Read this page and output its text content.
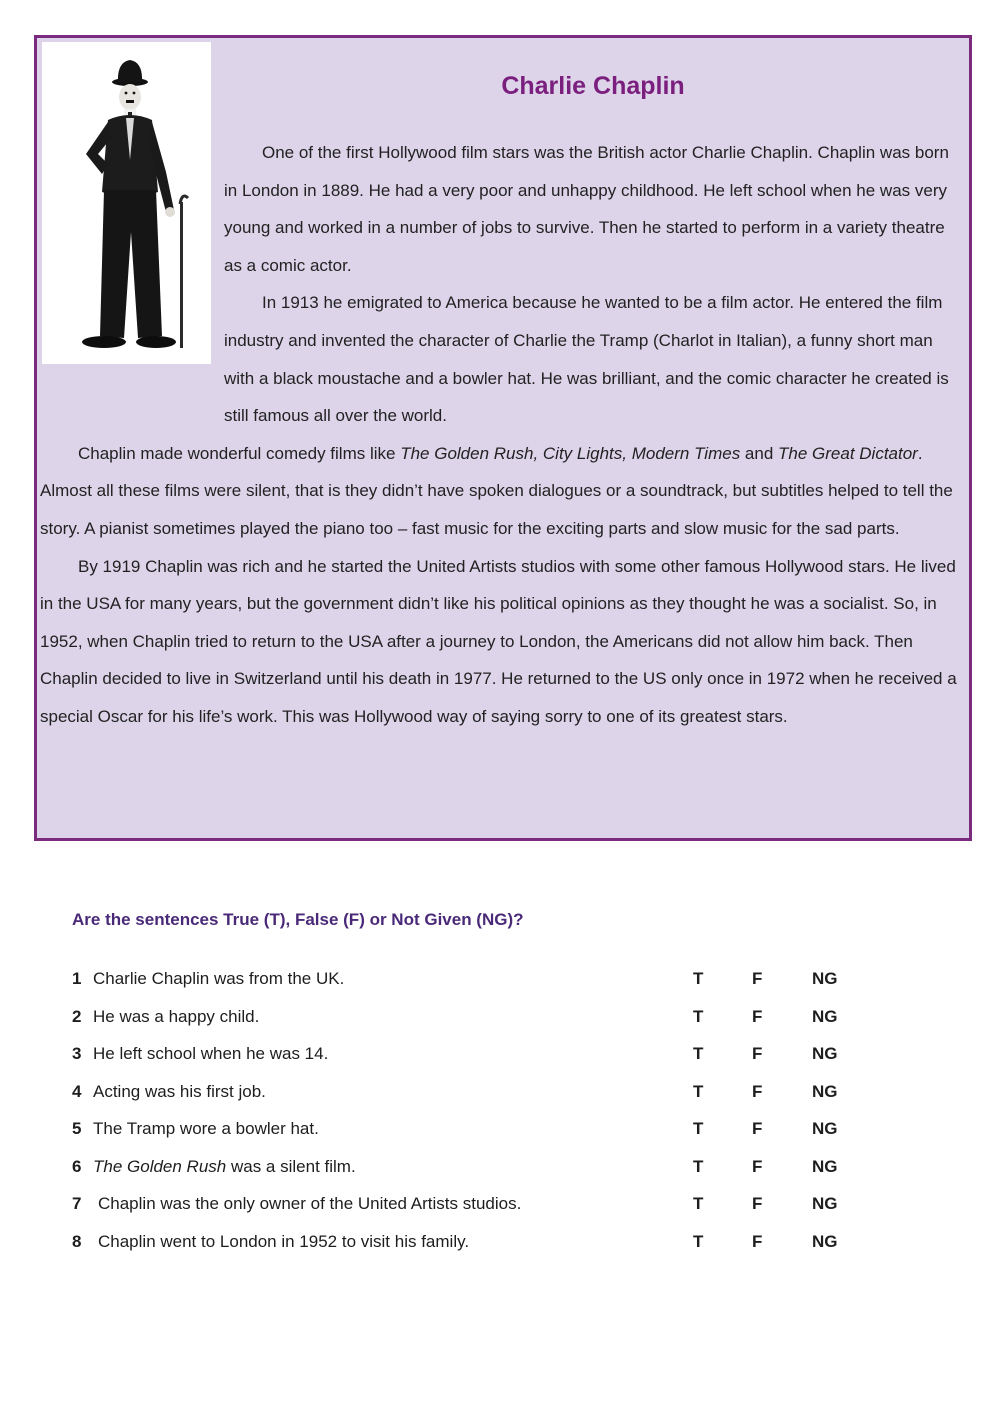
Charlie Chaplin

One of the first Hollywood film stars was the British actor Charlie Chaplin. Chaplin was born in London in 1889. He had a very poor and unhappy childhood. He left school when he was very young and worked in a number of jobs to survive. Then he started to perform in a variety theatre as a comic actor.

In 1913 he emigrated to America because he wanted to be a film actor. He entered the film industry and invented the character of Charlie the Tramp (Charlot in Italian), a funny short man with a black moustache and a bowler hat. He was brilliant, and the comic character he created is still famous all over the world.

Chaplin made wonderful comedy films like The Golden Rush, City Lights, Modern Times and The Great Dictator. Almost all these films were silent, that is they didn’t have spoken dialogues or a soundtrack, but subtitles helped to tell the story. A pianist sometimes played the piano too – fast music for the exciting parts and slow music for the sad parts.

By 1919 Chaplin was rich and he started the United Artists studios with some other famous Hollywood stars. He lived in the USA for many years, but the government didn’t like his political opinions as they thought he was a socialist. So, in 1952, when Chaplin tried to return to the USA after a journey to London, the Americans did not allow him back. Then Chaplin decided to live in Switzerland until his death in 1977. He returned to the US only once in 1972 when he received a special Oscar for his life’s work. This was Hollywood way of saying sorry to one of its greatest stars.

Are the sentences True (T), False (F) or Not Given (NG)?
1 Charlie Chaplin was from the UK.	T	F	NG
2 He was a happy child.	T	F	NG
3 He left school when he was 14.	T	F	NG
4 Acting was his first job.	T	F	NG
5 The Tramp wore a bowler hat.	T	F	NG
6 The Golden Rush was a silent film.	T	F	NG
7 Chaplin was the only owner of the United Artists studios.	T	F	NG
8 Chaplin went to London in 1952 to visit his family.	T	F	NG
